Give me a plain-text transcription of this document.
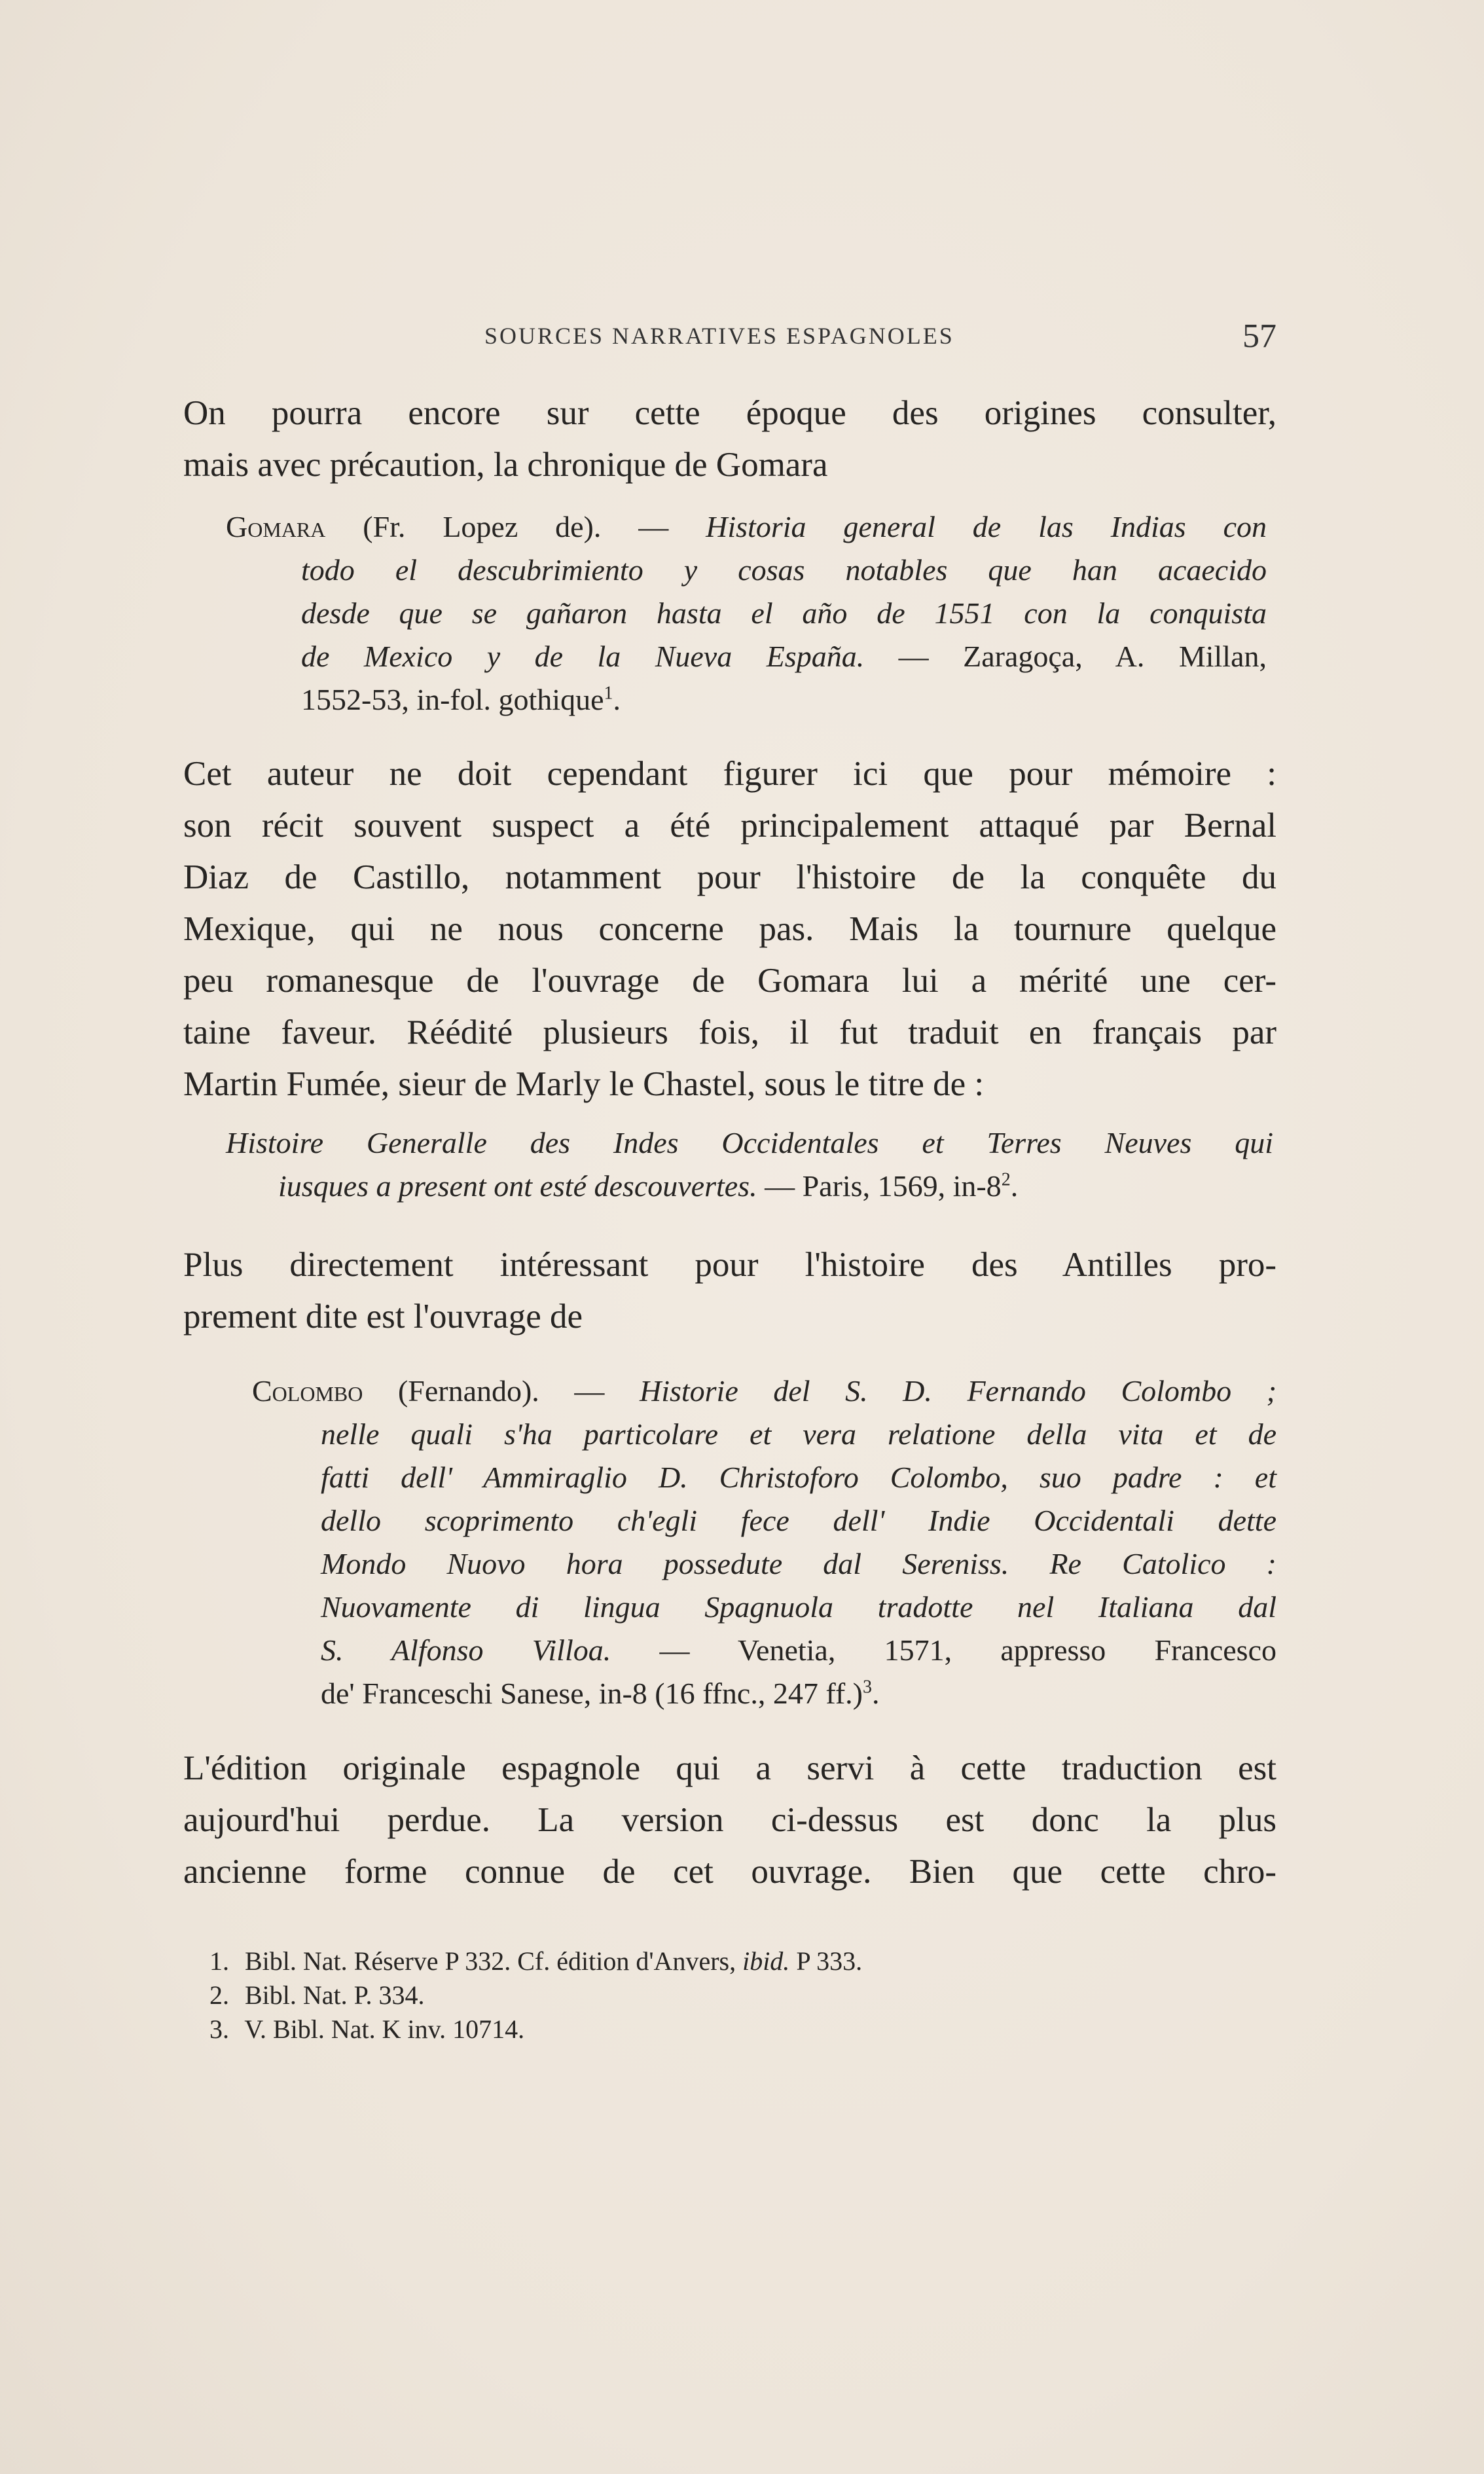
SOURCES NARRATIVES ESPAGNOLES	57
On pourra encore sur cette époque des origines consulter,
mais avec précaution, la chronique de Gomara
Gomara (Fr. Lopez de). — Historia general de las Indias con
todo el descubrimiento y cosas notables que han acaecido
desde que se gañaron hasta el año de 1551 con la conquista
de Mexico y de la Nueva España. — Zaragoça, A. Millan,
1552-53, in-fol. gothique$^1$.
Cet auteur ne doit cependant figurer ici que pour mémoire :
son récit souvent suspect a été principalement attaqué par Bernal
Diaz de Castillo, notamment pour l'histoire de la conquête du
Mexique, qui ne nous concerne pas. Mais la tournure quelque
peu romanesque de l'ouvrage de Gomara lui a mérité une cer-
taine faveur. Réédité plusieurs fois, il fut traduit en français par
Martin Fumée, sieur de Marly le Chastel, sous le titre de :
Histoire Generalle des Indes Occidentales et Terres Neuves qui
iusques a present ont esté descouvertes. — Paris, 1569, $in-8^2$.
Plus directement intéressant pour l'histoire des Antilles pro-
prement dite est l'ouvrage de
Colombo (Fernando). — Historie del S. D. Fernando Colombo ;
nelle quali s'ha particolare et vera relatione della vita et de
fatti dell' Ammiraglio D. Christoforo Colombo, suo padre : et
dello scoprimento ch'egli fece dell' Indie Occidentali dette
Mondo Nuovo hora possedute dal Sereniss. Re Catolico :
Nuovamente di lingua Spagnuola tradotte nel Italiana dal
S. Alfonso Villoa. — Venetia, 1571, appresso Francesco
de' Franceschi Sanese, in-8 (16 ffnc., 247 ff.)$^3$.
L'édition originale espagnole qui a servi à cette traduction est
aujourd'hui perdue. La version ci-dessus est donc la plus
ancienne forme connue de cet ouvrage. Bien que cette chro-
1. Bibl. Nat. Réserve P 332. Cf. édition d'Anvers, ibid. P 333.
2. Bibl. Nat. P. 334.
3. V. Bibl. Nat. K inv. 10714.
